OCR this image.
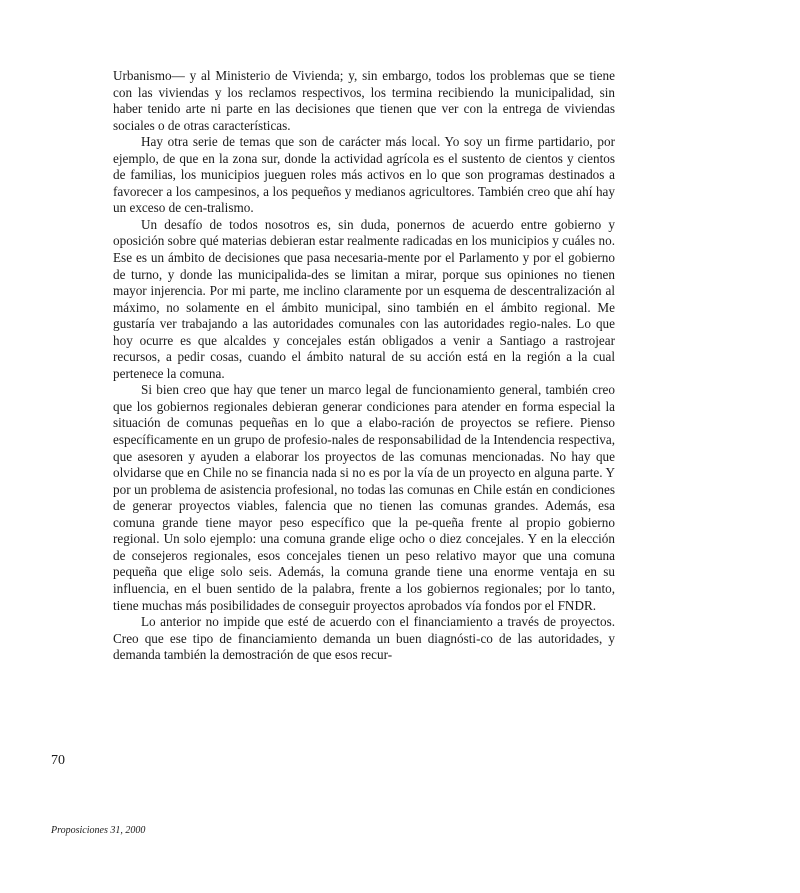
Urbanismo— y al Ministerio de Vivienda; y, sin embargo, todos los problemas que se tiene con las viviendas y los reclamos respectivos, los termina recibiendo la municipalidad, sin haber tenido arte ni parte en las decisiones que tienen que ver con la entrega de viviendas sociales o de otras características.

Hay otra serie de temas que son de carácter más local. Yo soy un firme partidario, por ejemplo, de que en la zona sur, donde la actividad agrícola es el sustento de cientos y cientos de familias, los municipios jueguen roles más activos en lo que son programas destinados a favorecer a los campesinos, a los pequeños y medianos agricultores. También creo que ahí hay un exceso de cen-tralismo.

Un desafío de todos nosotros es, sin duda, ponernos de acuerdo entre gobierno y oposición sobre qué materias debieran estar realmente radicadas en los municipios y cuáles no. Ese es un ámbito de decisiones que pasa necesaria-mente por el Parlamento y por el gobierno de turno, y donde las municipalida-des se limitan a mirar, porque sus opiniones no tienen mayor injerencia. Por mi parte, me inclino claramente por un esquema de descentralización al máximo, no solamente en el ámbito municipal, sino también en el ámbito regional. Me gustaría ver trabajando a las autoridades comunales con las autoridades regio-nales. Lo que hoy ocurre es que alcaldes y concejales están obligados a venir a Santiago a rastrojear recursos, a pedir cosas, cuando el ámbito natural de su acción está en la región a la cual pertenece la comuna.

Si bien creo que hay que tener un marco legal de funcionamiento general, también creo que los gobiernos regionales debieran generar condiciones para atender en forma especial la situación de comunas pequeñas en lo que a elabo-ración de proyectos se refiere. Pienso específicamente en un grupo de profesio-nales de responsabilidad de la Intendencia respectiva, que asesoren y ayuden a elaborar los proyectos de las comunas mencionadas. No hay que olvidarse que en Chile no se financia nada si no es por la vía de un proyecto en alguna parte. Y por un problema de asistencia profesional, no todas las comunas en Chile están en condiciones de generar proyectos viables, falencia que no tienen las comunas grandes. Además, esa comuna grande tiene mayor peso específico que la pe-queña frente al propio gobierno regional. Un solo ejemplo: una comuna grande elige ocho o diez concejales. Y en la elección de consejeros regionales, esos concejales tienen un peso relativo mayor que una comuna pequeña que elige solo seis. Además, la comuna grande tiene una enorme ventaja en su influencia, en el buen sentido de la palabra, frente a los gobiernos regionales; por lo tanto, tiene muchas más posibilidades de conseguir proyectos aprobados vía fondos por el FNDR.

Lo anterior no impide que esté de acuerdo con el financiamiento a través de proyectos. Creo que ese tipo de financiamiento demanda un buen diagnósti-co de las autoridades, y demanda también la demostración de que esos recur-

70
Proposiciones 31, 2000
